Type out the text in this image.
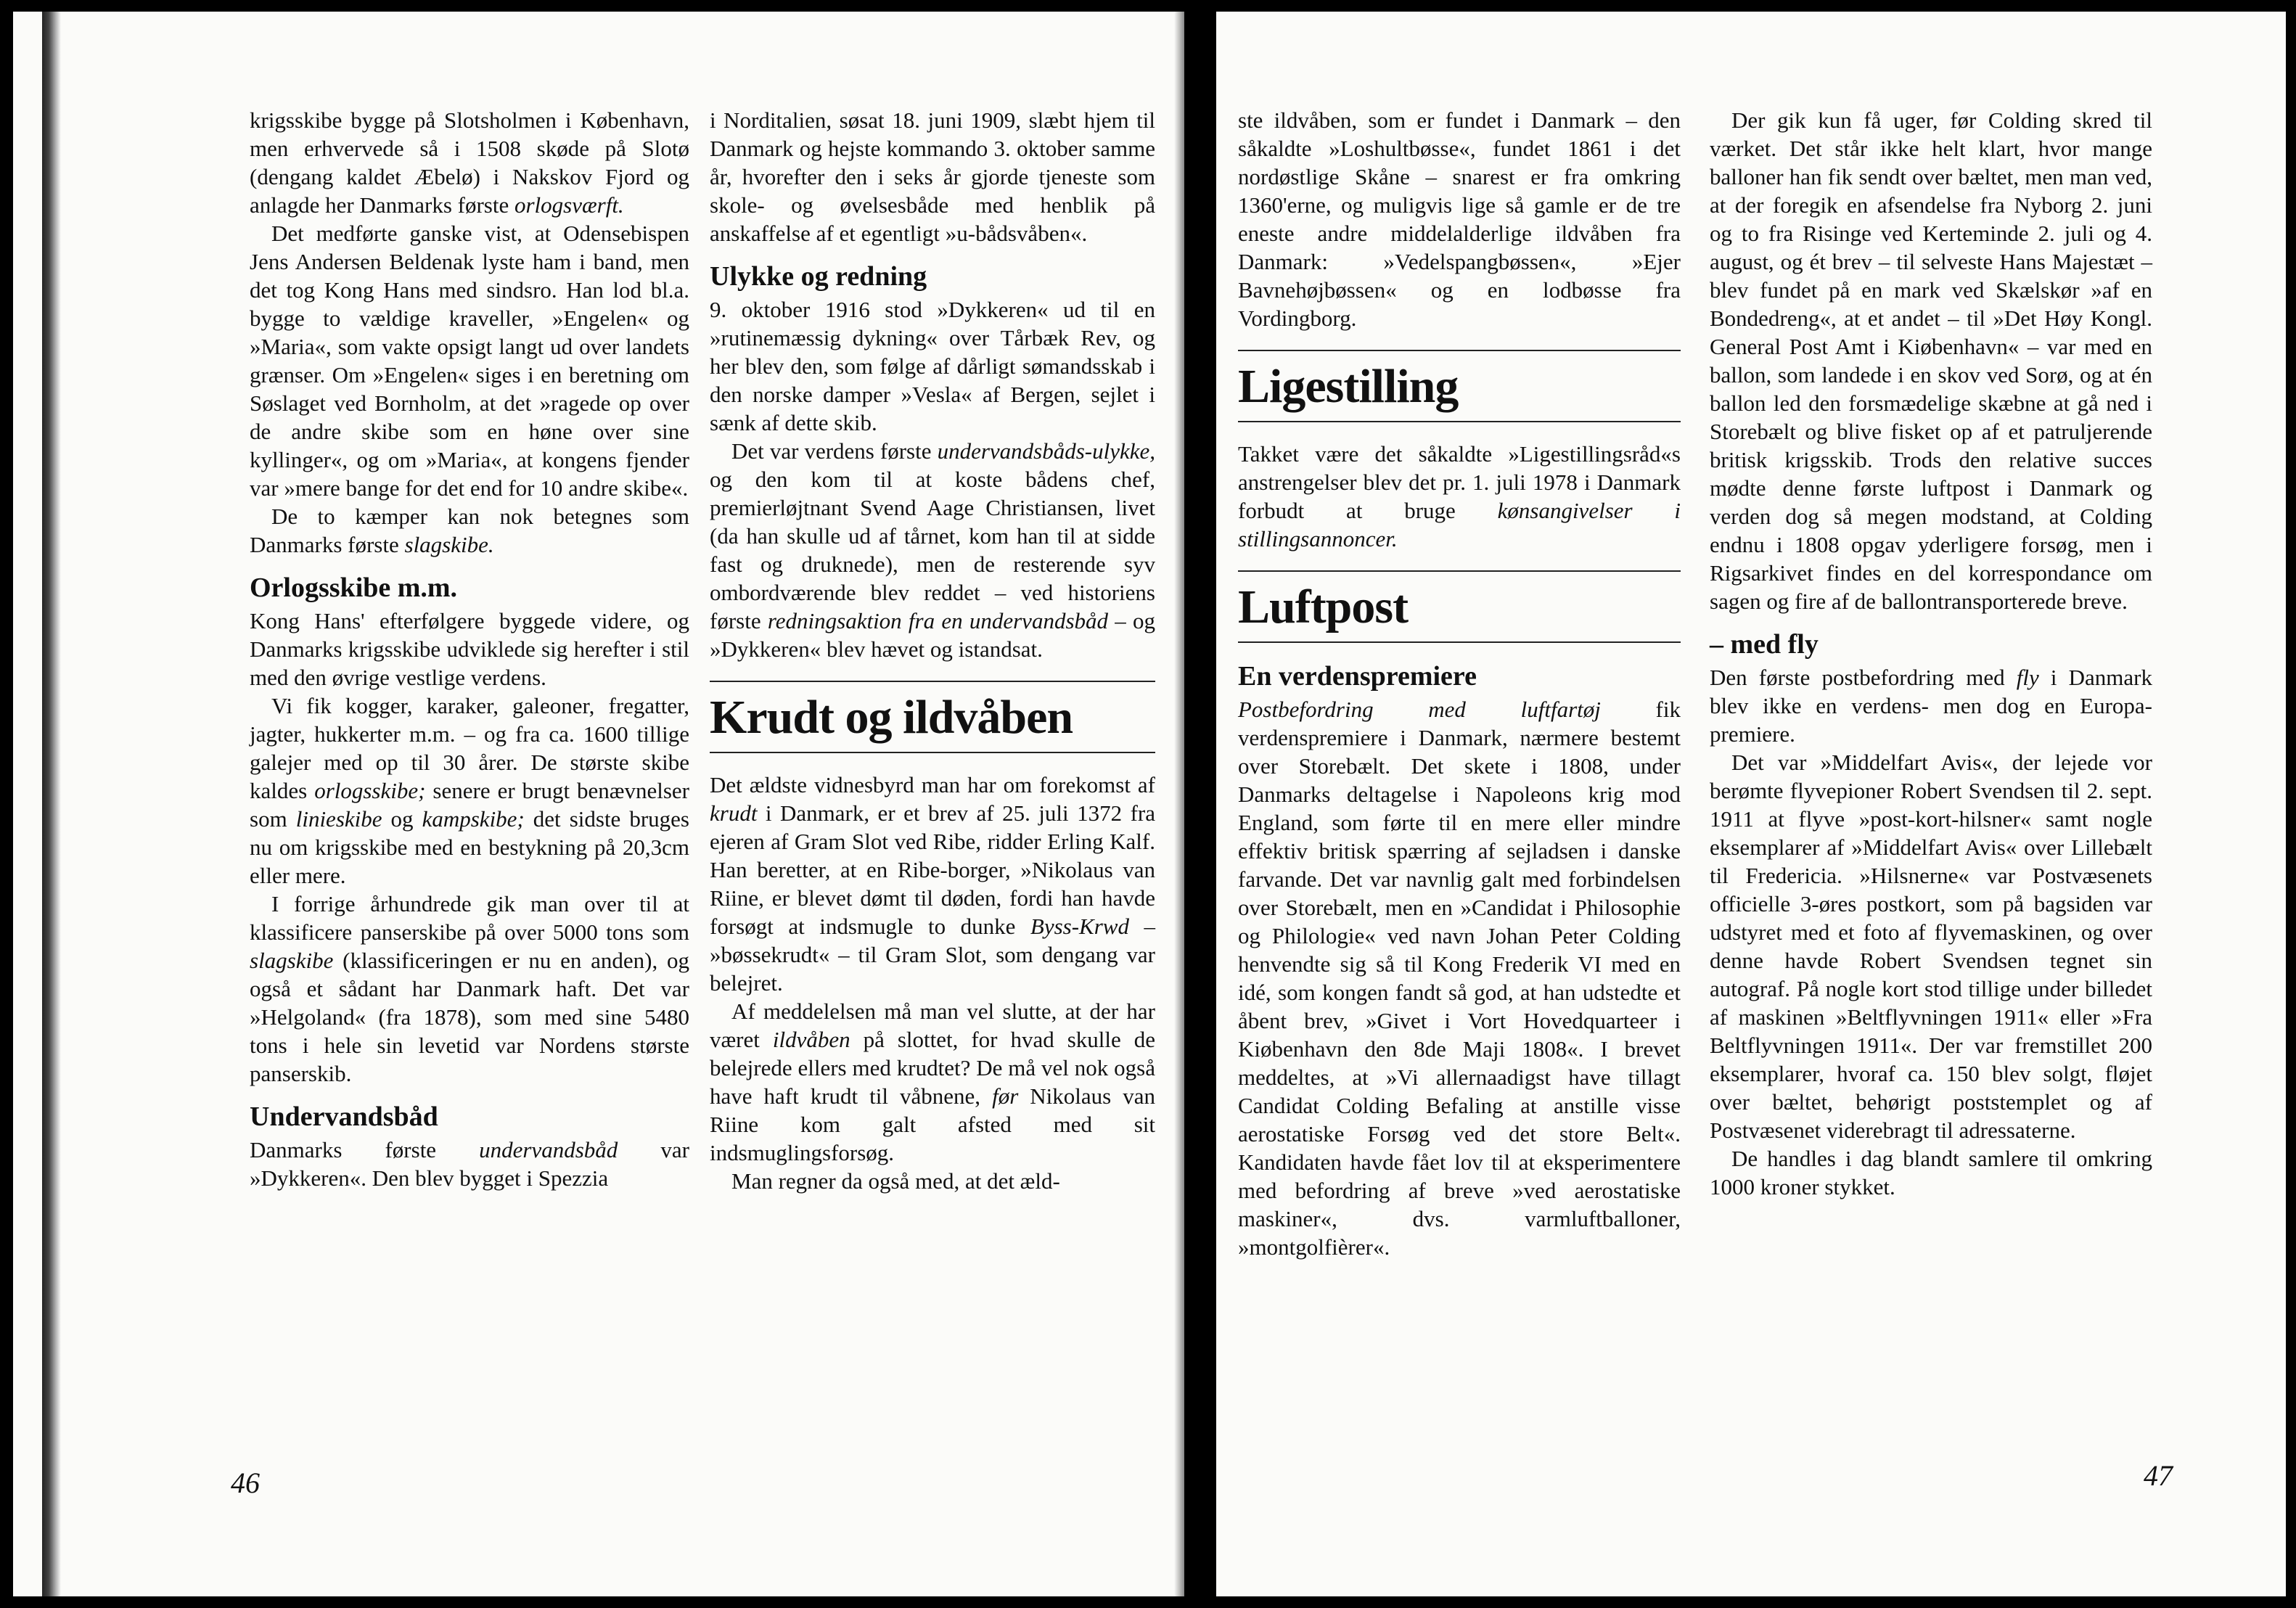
krigsskibe bygge på Slotsholmen i København, men erhvervede så i 1508 skøde på Slotø (dengang kaldet Æbelø) i Nakskov Fjord og anlagde her Danmarks første orlogsværft.

Det medførte ganske vist, at Odensebispen Jens Andersen Beldenak lyste ham i band, men det tog Kong Hans med sindsro. Han lod bl.a. bygge to vældige kraveller, »Engelen« og »Maria«, som vakte opsigt langt ud over landets grænser. Om »Engelen« siges i en beretning om Søslaget ved Bornholm, at det »ragede op over de andre skibe som en høne over sine kyllinger«, og om »Maria«, at kongens fjender var »mere bange for det end for 10 andre skibe«.

De to kæmper kan nok betegnes som Danmarks første slagskibe.

Orlogsskibe m.m.

Kong Hans' efterfølgere byggede videre, og Danmarks krigsskibe udviklede sig herefter i stil med den øvrige vestlige verdens.

Vi fik kogger, karaker, galeoner, fregatter, jagter, hukkerter m.m. – og fra ca. 1600 tillige galejer med op til 30 årer. De største skibe kaldes orlogsskibe; senere er brugt benævnelser som linieskibe og kampskibe; det sidste bruges nu om krigsskibe med en bestykning på 20,3cm eller mere.

I forrige århundrede gik man over til at klassificere panserskibe på over 5000 tons som slagskibe (klassificeringen er nu en anden), og også et sådant har Danmark haft. Det var »Helgoland« (fra 1878), som med sine 5480 tons i hele sin levetid var Nordens største panserskib.

Undervandsbåd

Danmarks første undervandsbåd var »Dykkeren«. Den blev bygget i Spezzia

i Norditalien, søsat 18. juni 1909, slæbt hjem til Danmark og hejste kommando 3. oktober samme år, hvorefter den i seks år gjorde tjeneste som skole- og øvelsesbåde med henblik på anskaffelse af et egentligt »u-bådsvåben«.

Ulykke og redning

9. oktober 1916 stod »Dykkeren« ud til en »rutinemæssig dykning« over Tårbæk Rev, og her blev den, som følge af dårligt sømandsskab i den norske damper »Vesla« af Bergen, sejlet i sænk af dette skib.

Det var verdens første undervandsbåds-ulykke, og den kom til at koste bådens chef, premierløjtnant Svend Aage Christiansen, livet (da han skulle ud af tårnet, kom han til at sidde fast og druknede), men de resterende syv ombordværende blev reddet – ved historiens første redningsaktion fra en undervandsbåd – og »Dykkeren« blev hævet og istandsat.

Krudt og ildvåben

Det ældste vidnesbyrd man har om forekomst af krudt i Danmark, er et brev af 25. juli 1372 fra ejeren af Gram Slot ved Ribe, ridder Erling Kalf. Han beretter, at en Ribe-borger, »Nikolaus van Riine, er blevet dømt til døden, fordi han havde forsøgt at indsmugle to dunke Byss-Krwd – »bøssekrudt« – til Gram Slot, som dengang var belejret.

Af meddelelsen må man vel slutte, at der har været ildvåben på slottet, for hvad skulle de belejrede ellers med krudtet? De må vel nok også have haft krudt til våbnene, før Nikolaus van Riine kom galt afsted med sit indsmuglingsforsøg.

Man regner da også med, at det æld-

46

ste ildvåben, som er fundet i Danmark – den såkaldte »Loshultbøsse«, fundet 1861 i det nordøstlige Skåne – snarest er fra omkring 1360'erne, og muligvis lige så gamle er de tre eneste andre middelalderlige ildvåben fra Danmark: »Vedelspangbøssen«, »Ejer Bavnehøjbøssen« og en lodbøsse fra Vordingborg.

Ligestilling

Takket være det såkaldte »Ligestillingsråd«s anstrengelser blev det pr. 1. juli 1978 i Danmark forbudt at bruge kønsangivelser i stillingsannoncer.

Luftpost
En verdenspremiere

Postbefordring med luftfartøj fik verdenspremiere i Danmark, nærmere bestemt over Storebælt. Det skete i 1808, under Danmarks deltagelse i Napoleons krig mod England, som førte til en mere eller mindre effektiv britisk spærring af sejladsen i danske farvande. Det var navnlig galt med forbindelsen over Storebælt, men en »Candidat i Philosophie og Philologie« ved navn Johan Peter Colding henvendte sig så til Kong Frederik VI med en idé, som kongen fandt så god, at han udstedte et åbent brev, »Givet i Vort Hovedquarteer i Kiøbenhavn den 8de Maji 1808«. I brevet meddeltes, at »Vi allernaadigst have tillagt Candidat Colding Befaling at anstille visse aerostatiske Forsøg ved det store Belt«. Kandidaten havde fået lov til at eksperimentere med befordring af breve »ved aerostatiske maskiner«, dvs. varmluftballoner, »montgolfièrer«.

Der gik kun få uger, før Colding skred til værket. Det står ikke helt klart, hvor mange balloner han fik sendt over bæltet, men man ved, at der foregik en afsendelse fra Nyborg 2. juni og to fra Risinge ved Kerteminde 2. juli og 4. august, og ét brev – til selveste Hans Majestæt – blev fundet på en mark ved Skælskør »af en Bondedreng«, at et andet – til »Det Høy Kongl. General Post Amt i Kiøbenhavn« – var med en ballon, som landede i en skov ved Sorø, og at én ballon led den forsmædelige skæbne at gå ned i Storebælt og blive fisket op af et patruljerende britisk krigsskib. Trods den relative succes mødte denne første luftpost i Danmark og verden dog så megen modstand, at Colding endnu i 1808 opgav yderligere forsøg, men i Rigsarkivet findes en del korrespondance om sagen og fire af de ballontransporterede breve.

– med fly

Den første postbefordring med fly i Danmark blev ikke en verdens- men dog en Europa-premiere.

Det var »Middelfart Avis«, der lejede vor berømte flyvepioner Robert Svendsen til 2. sept. 1911 at flyve »post-kort-hilsner« samt nogle eksemplarer af »Middelfart Avis« over Lillebælt til Fredericia. »Hilsnerne« var Postvæsenets officielle 3-øres postkort, som på bagsiden var udstyret med et foto af flyvemaskinen, og over denne havde Robert Svendsen tegnet sin autograf. På nogle kort stod tillige under billedet af maskinen »Beltflyvningen 1911« eller »Fra Beltflyvningen 1911«. Der var fremstillet 200 eksemplarer, hvoraf ca. 150 blev solgt, fløjet over bæltet, behørigt poststemplet og af Postvæsenet viderebragt til adressaterne.

De handles i dag blandt samlere til omkring 1000 kroner stykket.

47
